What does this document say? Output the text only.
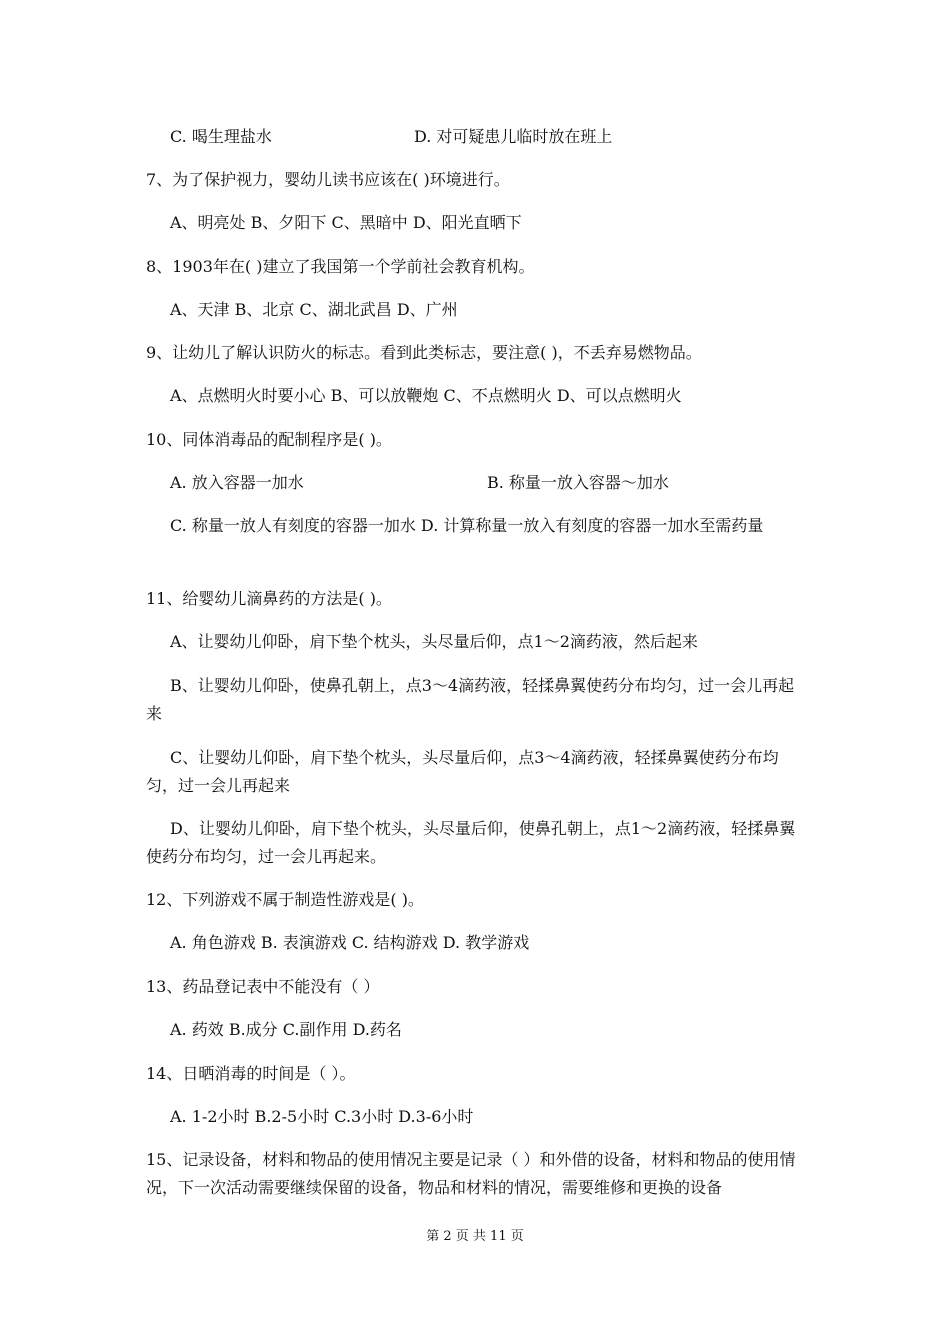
C. 喝生理盐水	D. 对可疑患儿临时放在班上
7、为了保护视力，婴幼儿读书应该在( )环境进行。
A、明亮处 B、夕阳下 C、黑暗中 D、阳光直晒下
8、1903年在( )建立了我国第一个学前社会教育机构。
A、天津 B、北京 C、湖北武昌 D、广州
9、让幼儿了解认识防火的标志。看到此类标志，要注意( )，不丢弃易燃物品。
A、点燃明火时要小心 B、可以放鞭炮 C、不点燃明火 D、可以点燃明火
10、同体消毒品的配制程序是( )。
A. 放入容器一加水	B. 称量一放入容器～加水
C. 称量一放人有刻度的容器一加水 D. 计算称量一放入有刻度的容器一加水至需药量
11、给婴幼儿滴鼻药的方法是( )。
A、让婴幼儿仰卧，肩下垫个枕头，头尽量后仰，点1～2滴药液，然后起来
B、让婴幼儿仰卧，使鼻孔朝上，点3～4滴药液，轻揉鼻翼使药分布均匀，过一会儿再起来
C、让婴幼儿仰卧，肩下垫个枕头，头尽量后仰，点3～4滴药液，轻揉鼻翼使药分布均匀，过一会儿再起来
D、让婴幼儿仰卧，肩下垫个枕头，头尽量后仰，使鼻孔朝上，点1～2滴药液，轻揉鼻翼使药分布均匀，过一会儿再起来。
12、下列游戏不属于制造性游戏是( )。
A. 角色游戏 B. 表演游戏 C. 结构游戏 D. 教学游戏
13、药品登记表中不能没有（ ）
A. 药效 B.成分 C.副作用 D.药名
14、日晒消毒的时间是（ ）。
A. 1-2小时 B.2-5小时 C.3小时 D.3-6小时
15、记录设备，材料和物品的使用情况主要是记录（ ）和外借的设备，材料和物品的使用情况，下一次活动需要继续保留的设备，物品和材料的情况，需要维修和更换的设备
第 2 页 共 11 页
